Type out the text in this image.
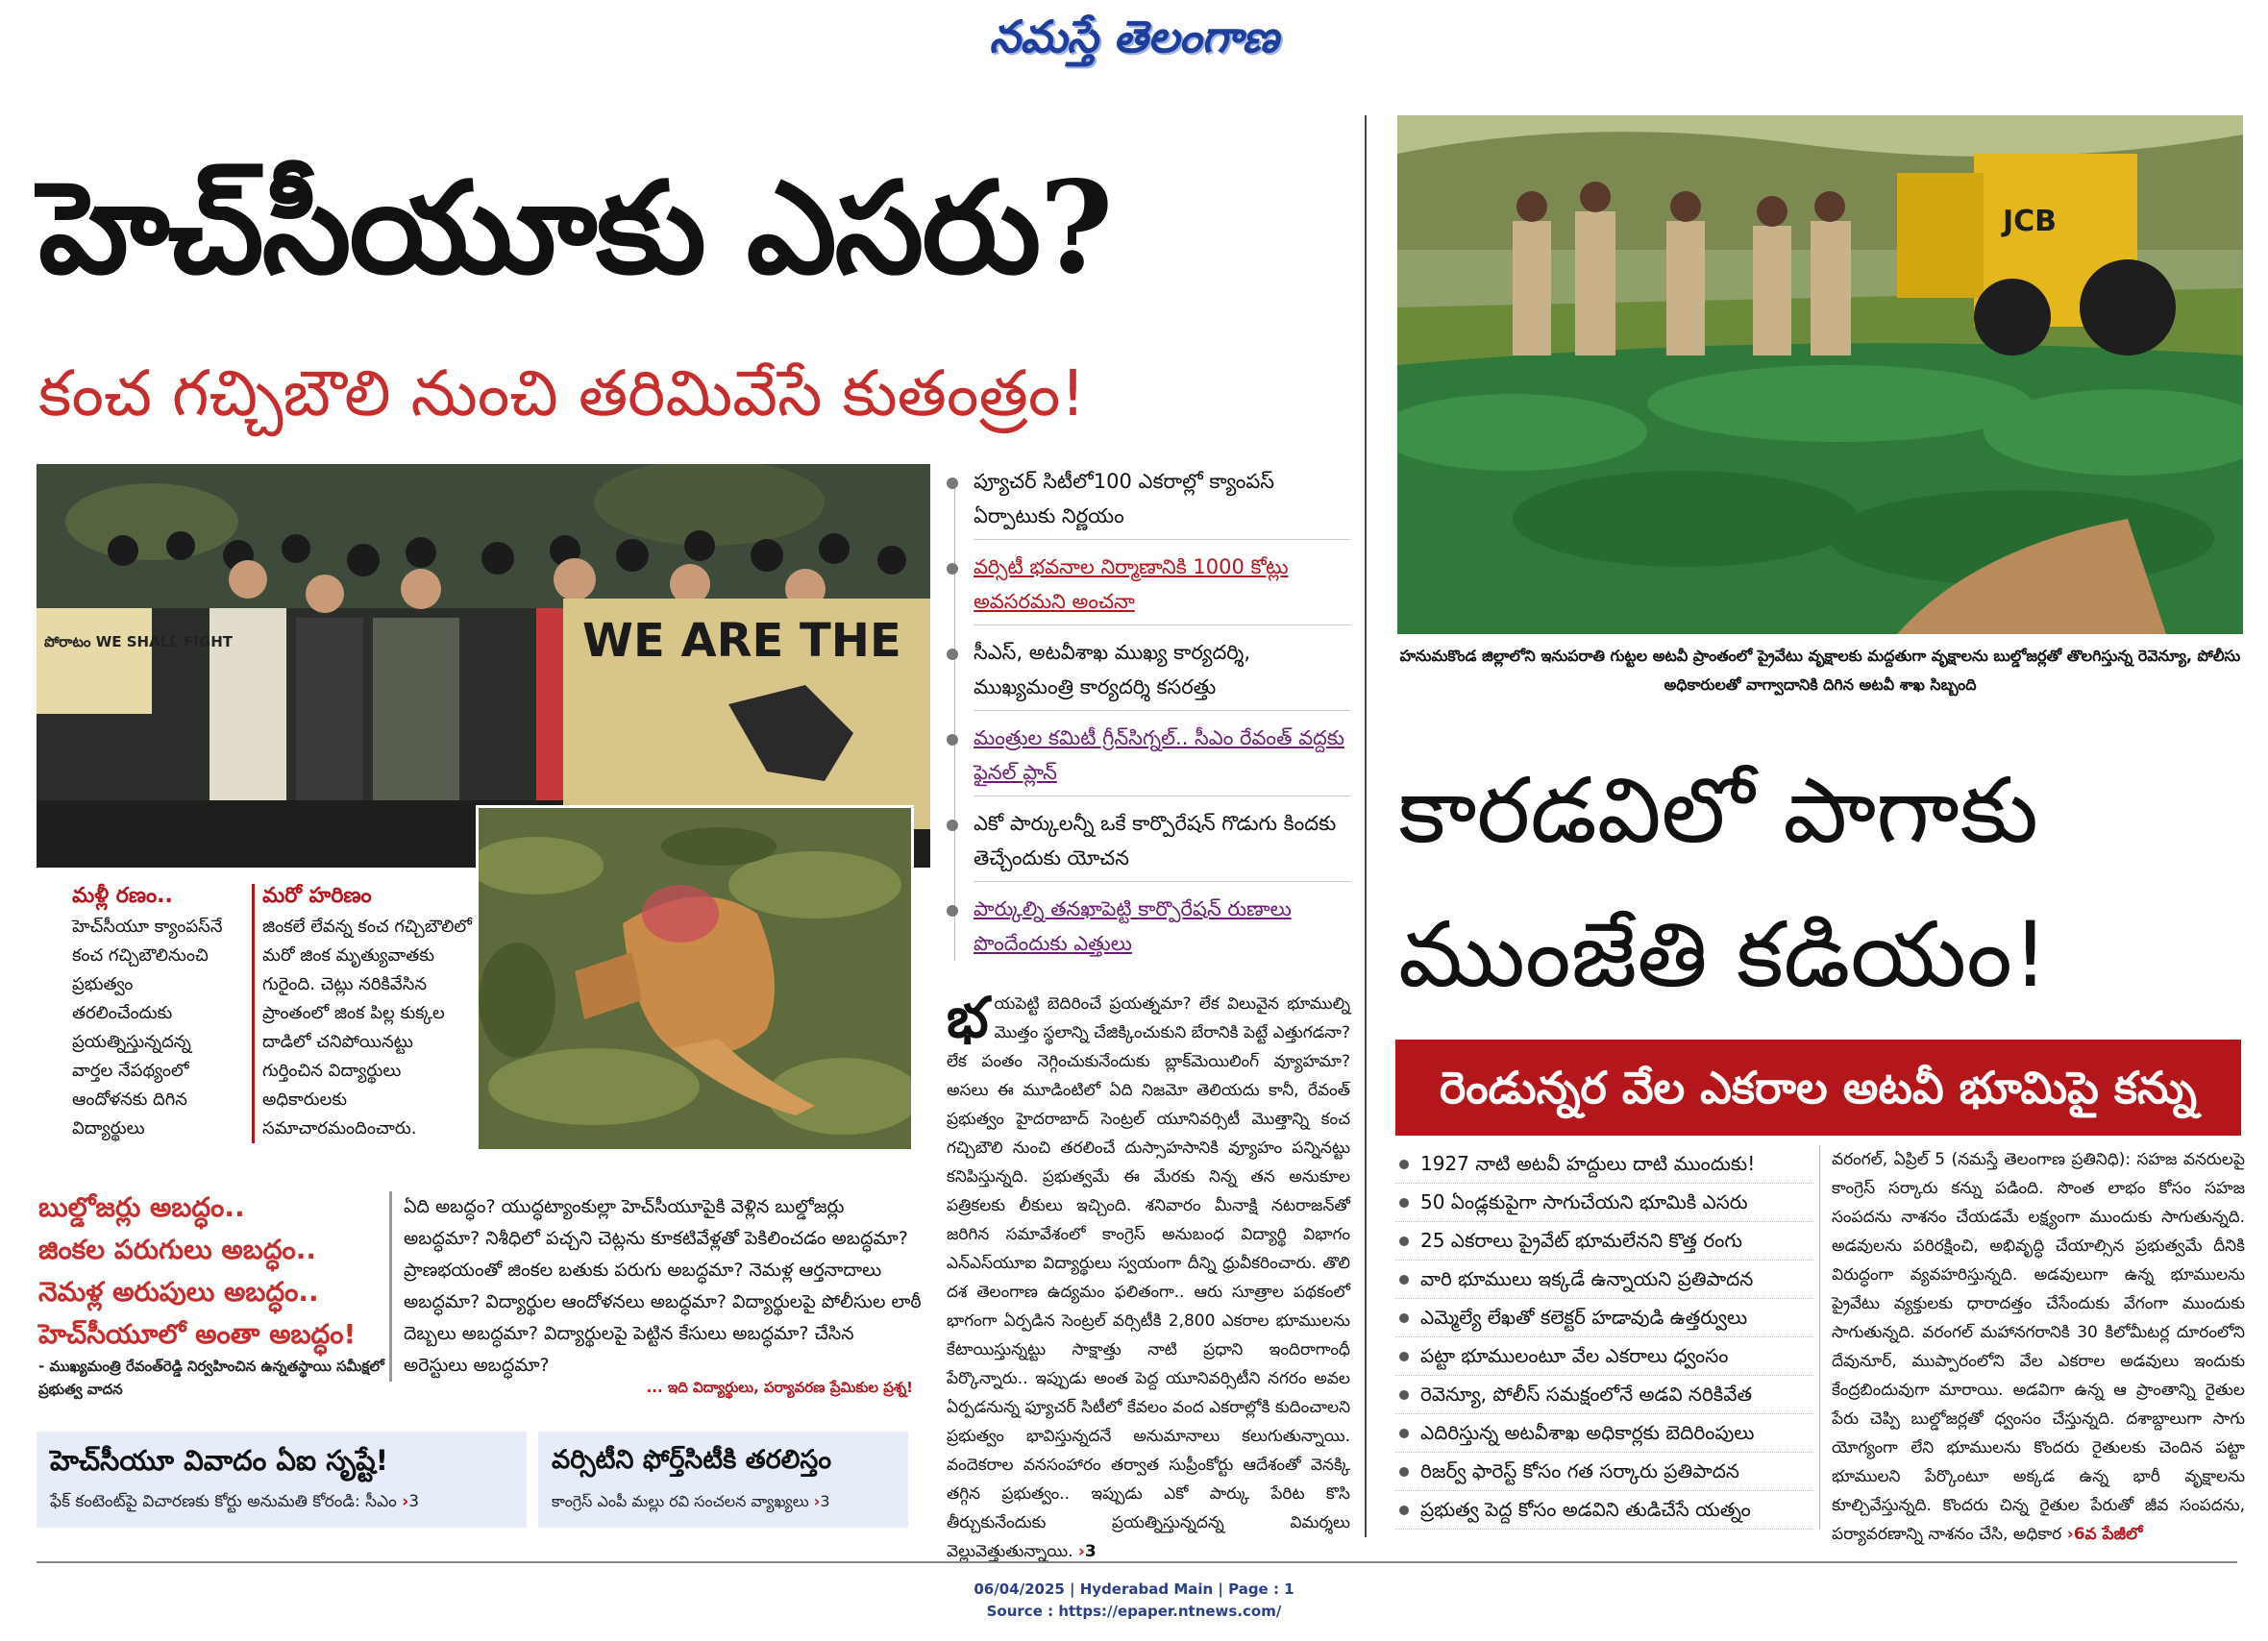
నమస్తే తెలంగాణ
హెచ్‌సీయూకు ఎసరు?
కంచ గచ్చిబౌలి నుంచి తరిమివేసే కుతంత్రం!
WE ARE THE
పోరాటం WE SHALL FIGHT
ప్యూచర్ సిటీలో100 ఎకరాల్లో క్యాంపస్ ఏర్పాటుకు నిర్ణయం
వర్సిటీ భవనాల నిర్మాణానికి 1000 కోట్లు అవసరమని అంచనా
సీఎస్, అటవీశాఖ ముఖ్య కార్యదర్శి, ముఖ్యమంత్రి కార్యదర్శి కసరత్తు
మంత్రుల కమిటీ గ్రీన్‌సిగ్నల్.. సీఎం రేవంత్ వద్దకు ఫైనల్ ప్లాన్
ఎకో పార్కులన్నీ ఒకే కార్పొరేషన్ గొడుగు కిందకు తెచ్చేందుకు యోచన
పార్కుల్ని తనఖాపెట్టి కార్పొరేషన్ రుణాలు పొందేందుకు ఎత్తులు
మళ్లీ రణం..
హెచ్‌సీయూ క్యాంపస్‌నే కంచ గచ్చిబౌలినుంచి ప్రభుత్వం తరలించేందుకు ప్రయత్నిస్తున్నదన్న వార్తల నేపథ్యంలో ఆందోళనకు దిగిన విద్యార్థులు
మరో హరిణం
జింకలే లేవన్న కంచ గచ్చిబౌలిలో మరో జింక మృత్యువాతకు గురైంది. చెట్లు నరికివేసిన ప్రాంతంలో జింక పిల్ల కుక్కల దాడిలో చనిపోయినట్టు గుర్తించిన విద్యార్థులు అధికారులకు సమాచారమందించారు.
బుల్డోజర్లు అబద్ధం..
జింకల పరుగులు అబద్ధం..
నెమళ్ల అరుపులు అబద్ధం..
హెచ్‌సీయూలో అంతా అబద్ధం!
- ముఖ్యమంత్రి రేవంత్‌రెడ్డి నిర్వహించిన ఉన్నతస్థాయి సమీక్షలో ప్రభుత్వ వాదన
ఏది అబద్ధం? యుద్ధట్యాంకుల్లా హెచ్‌సీయూపైకి వెళ్లిన బుల్డోజర్లు అబద్ధమా? నిశీధిలో పచ్చని చెట్లను కూకటివేళ్లతో పెకిలించడం అబద్ధమా? ప్రాణభయంతో జింకల బతుకు పరుగు అబద్ధమా? నెమళ్ల ఆర్తనాదాలు అబద్ధమా? విద్యార్థుల ఆందోళనలు అబద్ధమా? విద్యార్థులపై పోలీసుల లాఠీ దెబ్బలు అబద్ధమా? విద్యార్థులపై పెట్టిన కేసులు అబద్ధమా? చేసిన అరెస్టులు అబద్ధమా?
... ఇది విద్యార్థులు, పర్యావరణ ప్రేమికుల ప్రశ్న!
భయపెట్టి బెదిరించే ప్రయత్నమా? లేక విలువైన భూముల్ని మొత్తం స్థలాన్ని చేజిక్కించుకుని బేరానికి పెట్టే ఎత్తుగడనా? లేక పంతం నెగ్గించుకునేందుకు బ్లాక్‌మెయిలింగ్ వ్యూహమా? అసలు ఈ మూడింటిలో ఏది నిజమో తెలియదు కానీ, రేవంత్ ప్రభుత్వం హైదరాబాద్ సెంట్రల్ యూనివర్సిటీ మొత్తాన్ని కంచ గచ్చిబౌలి నుంచి తరలించే దుస్సాహసానికి వ్యూహం పన్నినట్టు కనిపిస్తున్నది. ప్రభుత్వమే ఈ మేరకు నిన్న తన అనుకూల పత్రికలకు లీకులు ఇచ్చింది. శనివారం మీనాక్షి నటరాజన్‌తో జరిగిన సమావేశంలో కాంగ్రెస్ అనుబంధ విద్యార్థి విభాగం ఎన్‌ఎస్‌యూఐ విద్యార్థులు స్వయంగా దీన్ని ధ్రువీకరించారు. తొలి దశ తెలంగాణ ఉద్యమం ఫలితంగా.. ఆరు సూత్రాల పథకంలో భాగంగా ఏర్పడిన సెంట్రల్ వర్సిటీకి 2,800 ఎకరాల భూములను కేటాయిస్తున్నట్టు సాక్షాత్తు నాటి ప్రధాని ఇందిరాగాంధీ పేర్కొన్నారు.. ఇప్పుడు అంత పెద్ద యూనివర్సిటీని నగరం అవల ఏర్పడనున్న ఫ్యూచర్ సిటీలో కేవలం వంద ఎకరాల్లోకి కుదించాలని ప్రభుత్వం భావిస్తున్నదనే అనుమానాలు కలుగుతున్నాయి. వందెకరాల వనసంహారం తర్వాత సుప్రీంకోర్టు ఆదేశంతో వెనక్కి తగ్గిన ప్రభుత్వం.. ఇప్పుడు ఎకో పార్కు పేరిట కొసి తీర్చుకునేందుకు ప్రయత్నిస్తున్నదన్న విమర్శలు వెల్లువెత్తుతున్నాయి. ›3
హెచ్‌సీయూ వివాదం ఏఐ సృష్టే!
ఫేక్ కంటెంట్‌పై విచారణకు కోర్టు అనుమతి కోరండి: సీఎం ›3
వర్సిటీని ఫోర్త్‌సిటీకి తరలిస్తం
కాంగ్రెస్ ఎంపీ మల్లు రవి సంచలన వ్యాఖ్యలు ›3
JCB
హనుమకొండ జిల్లాలోని ఇనుపరాతి గుట్టల అటవీ ప్రాంతంలో ప్రైవేటు వృక్షాలకు మద్దతుగా వృక్షాలను బుల్డోజర్లతో తొలగిస్తున్న రెవెన్యూ, పోలీసు అధికారులతో వాగ్వాదానికి దిగిన అటవీ శాఖ సిబ్బంది
కారడవిలో పాగాకు
ముంజేతి కడియం!
రెండున్నర వేల ఎకరాల అటవీ భూమిపై కన్ను
1927 నాటి అటవీ హద్దులు దాటి ముందుకు!
50 ఏండ్లకుపైగా సాగుచేయని భూమికి ఎసరు
25 ఎకరాలు ప్రైవేట్ భూమలేనని కొత్త రంగు
వారి భూములు ఇక్కడే ఉన్నాయని ప్రతిపాదన
ఎమ్మెల్యే లేఖతో కలెక్టర్ హడావుడి ఉత్తర్వులు
పట్టా భూములంటూ వేల ఎకరాలు ధ్వంసం
రెవెన్యూ, పోలీస్ సమక్షంలోనే అడవి నరికివేత
ఎదిరిస్తున్న అటవీశాఖ అధికార్లకు బెదిరింపులు
రిజర్వ్ ఫారెస్ట్ కోసం గత సర్కారు ప్రతిపాదన
ప్రభుత్వ పెద్ద కోసం అడవిని తుడిచేసే యత్నం
వరంగల్, ఏప్రిల్ 5 (నమస్తే తెలంగాణ ప్రతినిధి): సహజ వనరులపై కాంగ్రెస్ సర్కారు కన్ను పడింది. సొంత లాభం కోసం సహజ సంపదను నాశనం చేయడమే లక్ష్యంగా ముందుకు సాగుతున్నది. అడవులను పరిరక్షించి, అభివృద్ధి చేయాల్సిన ప్రభుత్వమే దీనికి విరుద్ధంగా వ్యవహరిస్తున్నది. అడవులుగా ఉన్న భూములను ప్రైవేటు వ్యక్తులకు ధారాదత్తం చేసేందుకు వేగంగా ముందుకు సాగుతున్నది. వరంగల్ మహానగరానికి 30 కిలోమీటర్ల దూరంలోని దేవునూర్, ముప్పారంలోని వేల ఎకరాల అడవులు ఇందుకు కేంద్రబిందువుగా మారాయి. అడవిగా ఉన్న ఆ ప్రాంతాన్ని రైతుల పేరు చెప్పి బుల్డోజర్లతో ధ్వంసం చేస్తున్నది. దశాబ్దాలుగా సాగు యోగ్యంగా లేని భూములను కొందరు రైతులకు చెందిన పట్టా భూములని పేర్కొంటూ అక్కడ ఉన్న భారీ వృక్షాలను కూల్చివేస్తున్నది. కొందరు చిన్న రైతుల పేరుతో జీవ సంపదను, పర్యావరణాన్ని నాశనం చేసి, అధికార ›6వ పేజీలో
06/04/2025 | Hyderabad Main | Page : 1
Source : https://epaper.ntnews.com/
